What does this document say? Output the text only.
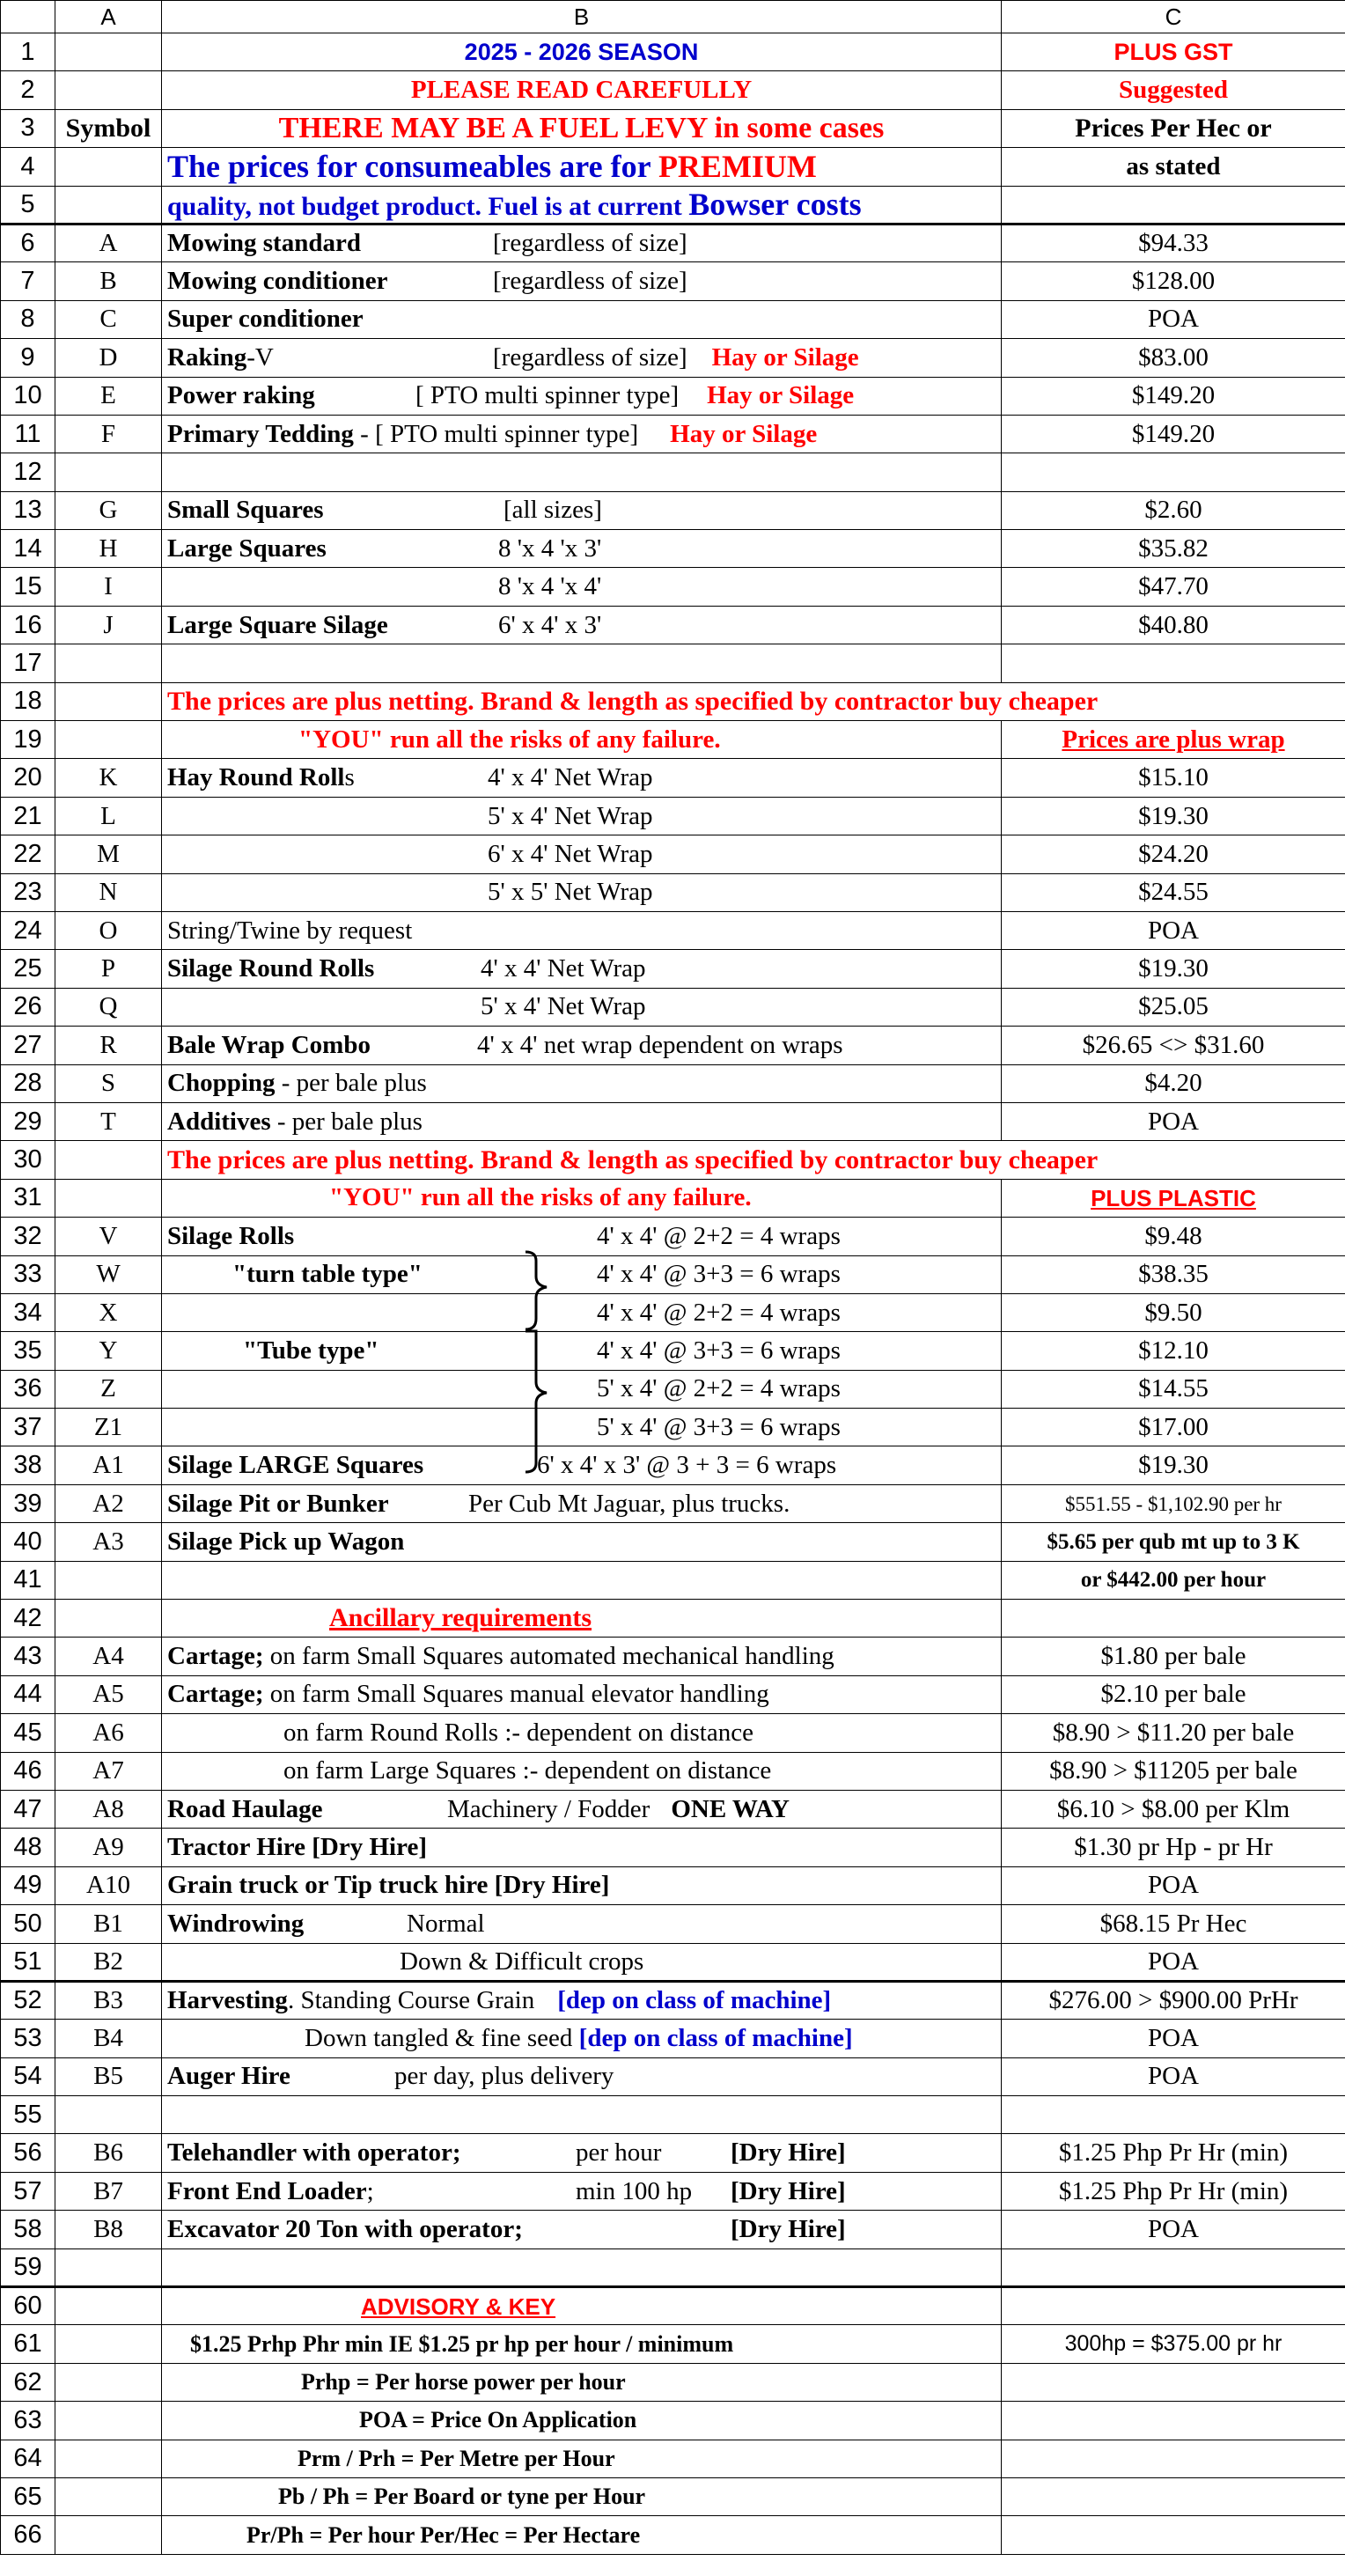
	A	B	C
1		2025 - 2026 SEASON	PLUS GST
2		PLEASE READ CAREFULLY	Suggested
3	Symbol	THERE MAY BE A FUEL LEVY in some cases	Prices Per Hec or
4		The prices for consumeables are for PREMIUM	as stated
5		quality, not budget product. Fuel is at current Bowser costs	
6	A	Mowing standard [regardless of size]	$94.33
7	B	Mowing conditioner [regardless of size]	$128.00
8	C	Super conditioner	POA
9	D	Raking-V [regardless of size] Hay or Silage	$83.00
10	E	Power raking [ PTO multi spinner type] Hay or Silage	$149.20
11	F	Primary Tedding - [ PTO multi spinner type] Hay or Silage	$149.20
12			
13	G	Small Squares [all sizes]	$2.60
14	H	Large Squares 8 'x 4 'x 3'	$35.82
15	I	8 'x 4 'x 4'	$47.70
16	J	Large Square Silage 6' x 4' x 3'	$40.80
17			
18		The prices are plus netting. Brand & length as specified by contractor buy cheaper	
19		"YOU" run all the risks of any failure.	Prices are plus wrap
20	K	Hay Round Rolls 4' x 4' Net Wrap	$15.10
21	L	5' x 4' Net Wrap	$19.30
22	M	6' x 4' Net Wrap	$24.20
23	N	5' x 5' Net Wrap	$24.55
24	O	String/Twine by request	POA
25	P	Silage Round Rolls 4' x 4' Net Wrap	$19.30
26	Q	5' x 4' Net Wrap	$25.05
27	R	Bale Wrap Combo 4' x 4' net wrap dependent on wraps	$26.65 <> $31.60
28	S	Chopping - per bale plus	$4.20
29	T	Additives - per bale plus	POA
30		The prices are plus netting. Brand & length as specified by contractor buy cheaper	
31		"YOU" run all the risks of any failure.	PLUS PLASTIC
32	V	Silage Rolls 4' x 4' @ 2+2 = 4 wraps	$9.48
33	W	"turn table type" 4' x 4' @ 3+3 = 6 wraps	$38.35
34	X	4' x 4' @ 2+2 = 4 wraps	$9.50
35	Y	"Tube type" 4' x 4' @ 3+3 = 6 wraps	$12.10
36	Z	5' x 4' @ 2+2 = 4 wraps	$14.55
37	Z1	5' x 4' @ 3+3 = 6 wraps	$17.00
38	A1	Silage LARGE Squares 6' x 4' x 3' @ 3 + 3 = 6 wraps	$19.30
39	A2	Silage Pit or Bunker Per Cub Mt Jaguar, plus trucks.	$551.55 - $1,102.90 per hr
40	A3	Silage Pick up Wagon	$5.65 per qub mt up to 3 K
41			or $442.00 per hour
42		Ancillary requirements	
43	A4	Cartage; on farm Small Squares automated mechanical handling	$1.80 per bale
44	A5	Cartage; on farm Small Squares manual elevator handling	$2.10 per bale
45	A6	on farm Round Rolls :- dependent on distance	$8.90 > $11.20 per bale
46	A7	on farm Large Squares :- dependent on distance	$8.90 > $11205 per bale
47	A8	Road Haulage Machinery / Fodder ONE WAY	$6.10 > $8.00 per Klm
48	A9	Tractor Hire [Dry Hire]	$1.30 pr Hp - pr Hr
49	A10	Grain truck or Tip truck hire [Dry Hire]	POA
50	B1	Windrowing Normal	$68.15 Pr Hec
51	B2	Down & Difficult crops	POA
52	B3	Harvesting. Standing Course Grain [dep on class of machine]	$276.00 > $900.00 PrHr
53	B4	Down tangled & fine seed [dep on class of machine]	POA
54	B5	Auger Hire per day, plus delivery	POA
55			
56	B6	Telehandler with operator; per hour [Dry Hire]	$1.25 Php Pr Hr (min)
57	B7	Front End Loader; min 100 hp [Dry Hire]	$1.25 Php Pr Hr (min)
58	B8	Excavator 20 Ton with operator; [Dry Hire]	POA
59			
60		ADVISORY & KEY	
61		$1.25 Prhp Phr min IE $1.25 pr hp per hour / minimum	300hp = $375.00 pr hr
62		Prhp = Per horse power per hour	
63		POA = Price On Application	
64		Prm / Prh = Per Metre per Hour	
65		Pb / Ph = Per Board or tyne per Hour	
66		Pr/Ph = Per hour Per/Hec = Per Hectare	
